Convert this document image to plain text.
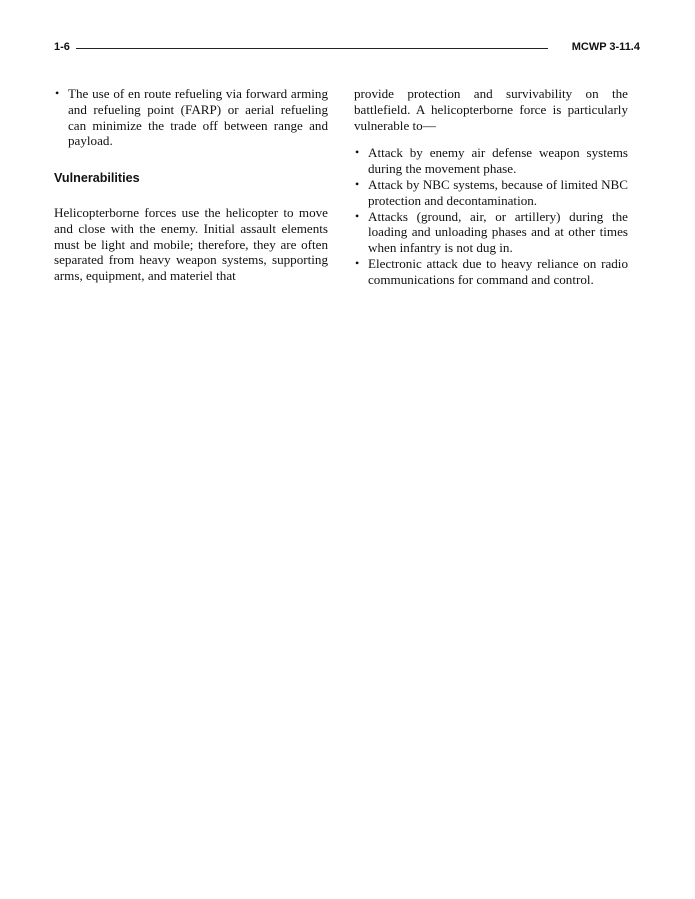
1-6	MCWP 3-11.4
• The use of en route refueling via forward arming and refueling point (FARP) or aerial refueling can minimize the trade off between range and payload.
Vulnerabilities

Helicopterborne forces use the helicopter to move and close with the enemy. Initial assault elements must be light and mobile; therefore, they are often separated from heavy weapon systems, supporting arms, equipment, and materiel that

provide protection and survivability on the battlefield. A helicopterborne force is particularly vulnerable to—

• Attack by enemy air defense weapon systems during the movement phase.
• Attack by NBC systems, because of limited NBC protection and decontamination.
• Attacks (ground, air, or artillery) during the loading and unloading phases and at other times when infantry is not dug in.
• Electronic attack due to heavy reliance on radio communications for command and control.
